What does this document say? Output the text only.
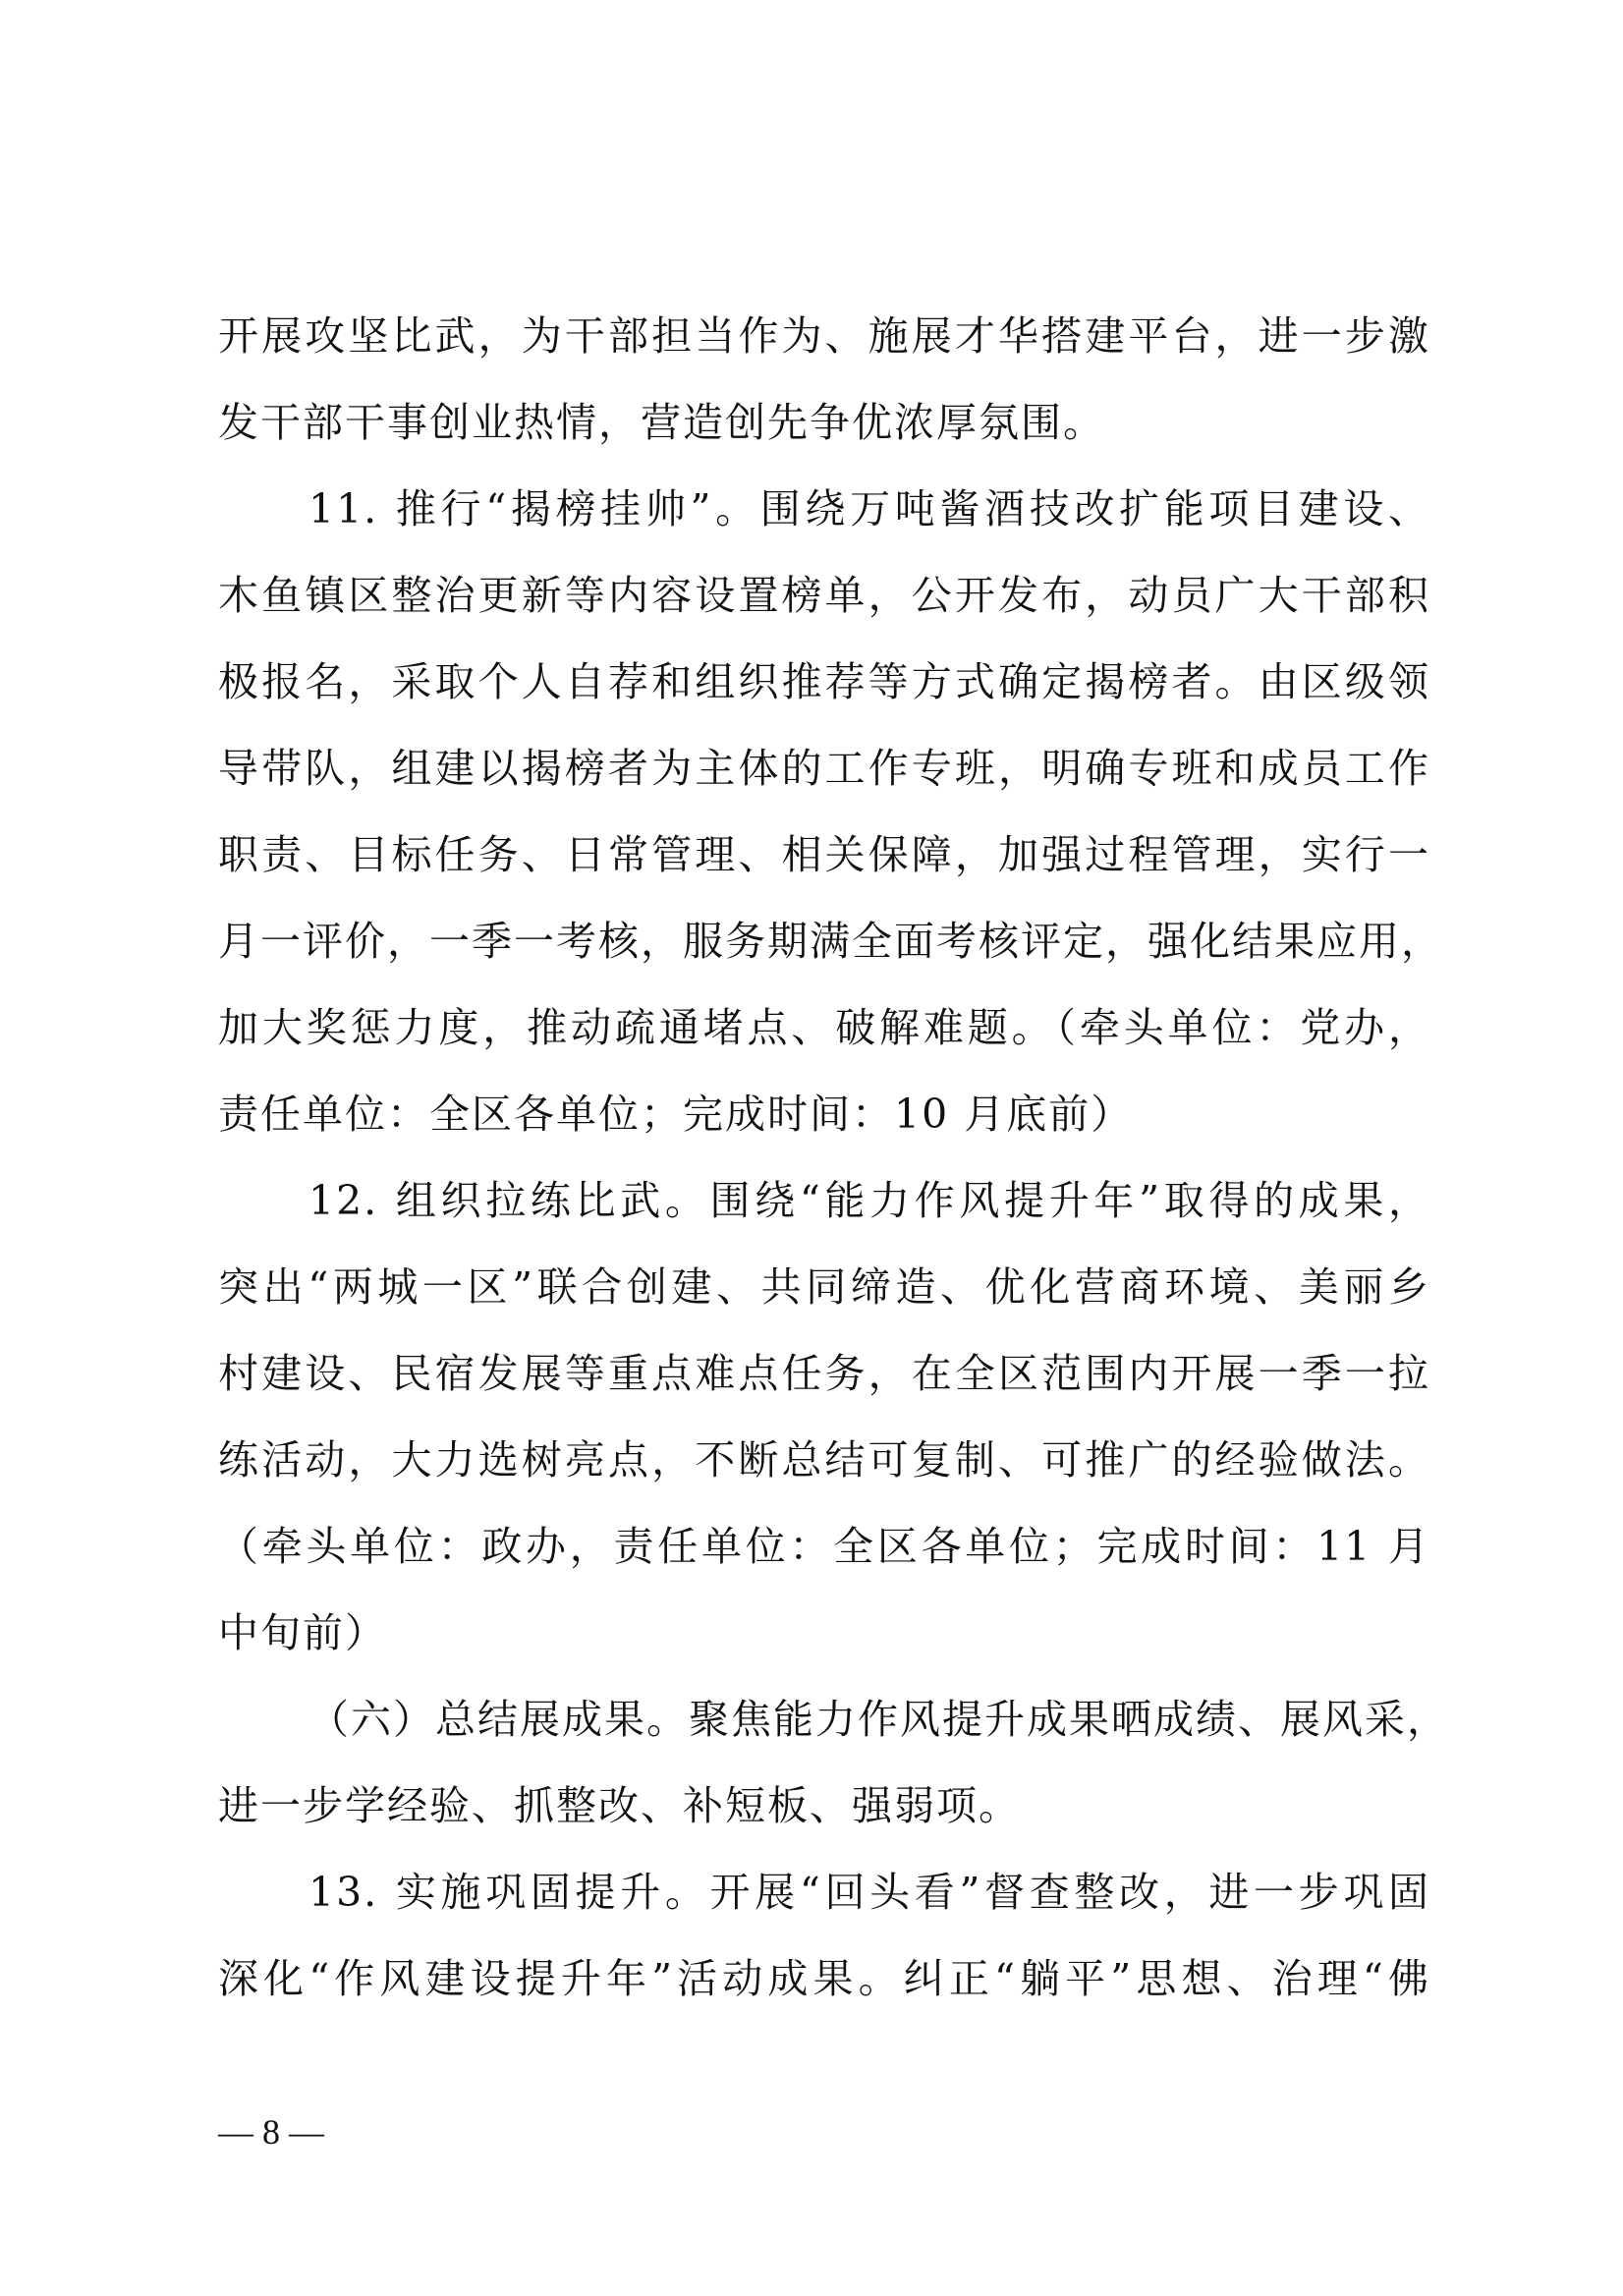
开展攻坚比武，为干部担当作为、施展才华搭建平台，进一步激
发干部干事创业热情，营造创先争优浓厚氛围。
11. 推行“揭榜挂帅”。围绕万吨酱酒技改扩能项目建设、
木鱼镇区整治更新等内容设置榜单，公开发布，动员广大干部积
极报名，采取个人自荐和组织推荐等方式确定揭榜者。由区级领
导带队，组建以揭榜者为主体的工作专班，明确专班和成员工作
职责、目标任务、日常管理、相关保障，加强过程管理，实行一
月一评价，一季一考核，服务期满全面考核评定，强化结果应用，
加大奖惩力度，推动疏通堵点、破解难题。（牵头单位：党办，
责任单位：全区各单位；完成时间：10 月底前）
12. 组织拉练比武。围绕“能力作风提升年”取得的成果，
突出“两城一区”联合创建、共同缔造、优化营商环境、美丽乡
村建设、民宿发展等重点难点任务，在全区范围内开展一季一拉
练活动，大力选树亮点，不断总结可复制、可推广的经验做法。
（牵头单位：政办，责任单位：全区各单位；完成时间：11 月
中旬前）
（六）总结展成果。聚焦能力作风提升成果晒成绩、展风采，
进一步学经验、抓整改、补短板、强弱项。
13. 实施巩固提升。开展“回头看”督查整改，进一步巩固
深化“作风建设提升年”活动成果。纠正“躺平”思想、治理“佛
— 8 —
